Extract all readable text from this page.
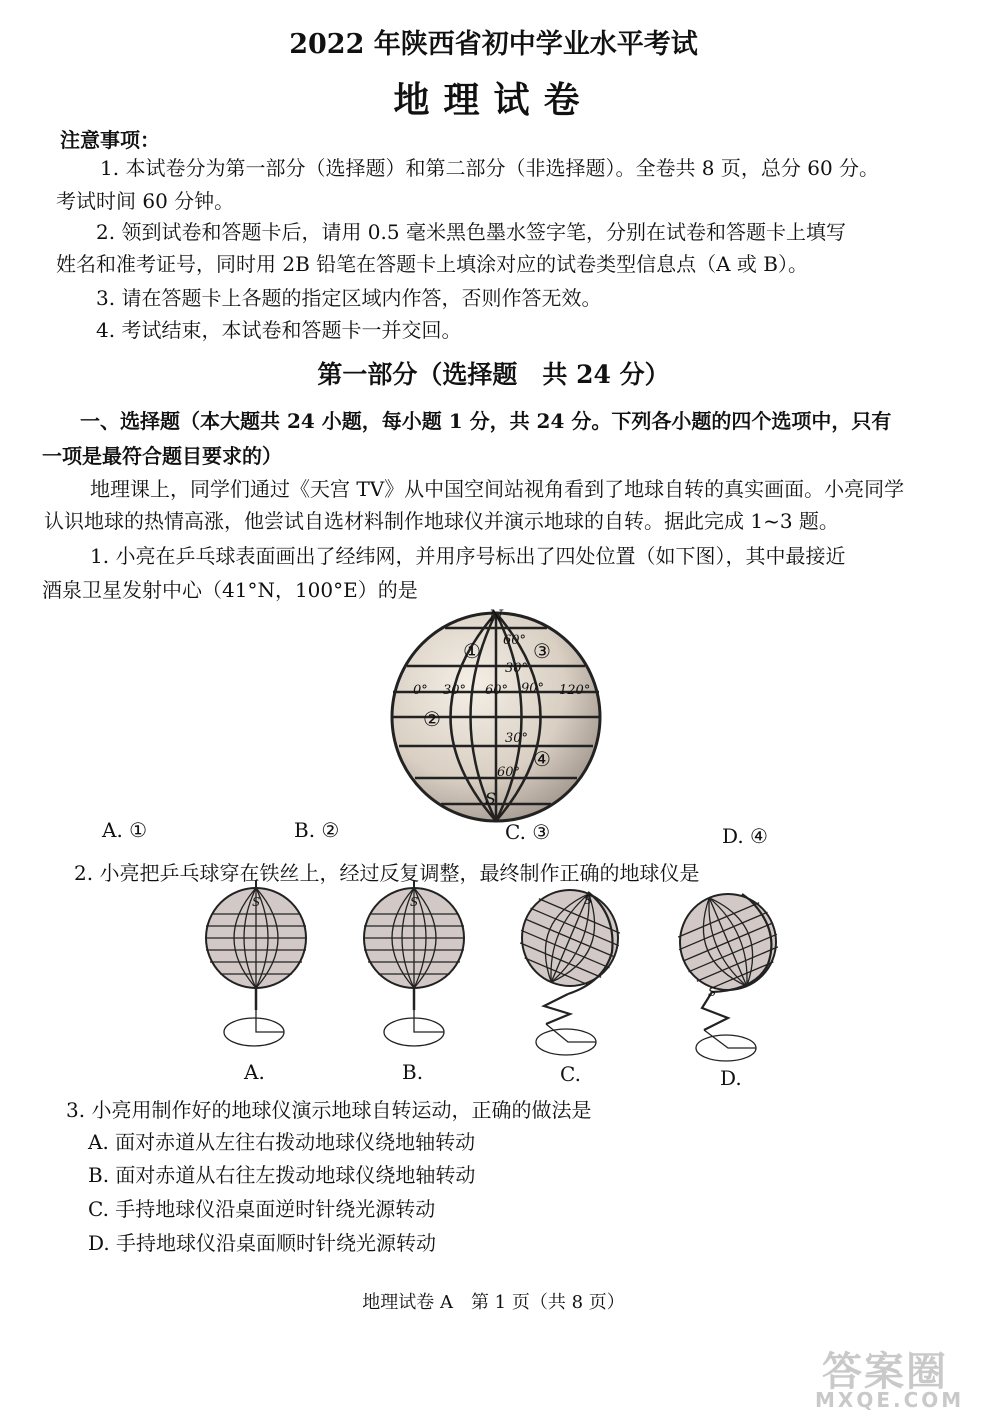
2022 年陕西省初中学业水平考试
地理试卷
注意事项：
1. 本试卷分为第一部分（选择题）和第二部分（非选择题）。全卷共 8 页，总分 60 分。
考试时间 60 分钟。
2. 领到试卷和答题卡后，请用 0.5 毫米黑色墨水签字笔，分别在试卷和答题卡上填写
姓名和准考证号，同时用 2B 铅笔在答题卡上填涂对应的试卷类型信息点（A 或 B）。
3. 请在答题卡上各题的指定区域内作答，否则作答无效。
4. 考试结束，本试卷和答题卡一并交回。
第一部分（选择题　共 24 分）
一、选择题（本大题共 24 小题，每小题 1 分，共 24 分。下列各小题的四个选项中，只有
一项是最符合题目要求的）
地理课上，同学们通过《天宫 TV》从中国空间站视角看到了地球自转的真实画面。小亮同学
认识地球的热情高涨，他尝试自选材料制作地球仪并演示地球的自转。据此完成 1~3 题。
1. 小亮在乒乓球表面画出了经纬网，并用序号标出了四处位置（如下图），其中最接近
酒泉卫星发射中心（41°N，100°E）的是
N
S
60°
30°
0° 30° 60° 90° 120°
30°
60°
①
②
③
④
A. ①	B. ②	C. ③	D. ④
2. 小亮把乒乓球穿在铁丝上，经过反复调整，最终制作正确的地球仪是
S	S	S
S
A.	B.	C.	D.
3. 小亮用制作好的地球仪演示地球自转运动，正确的做法是
A. 面对赤道从左往右拨动地球仪绕地轴转动
B. 面对赤道从右往左拨动地球仪绕地轴转动
C. 手持地球仪沿桌面逆时针绕光源转动
D. 手持地球仪沿桌面顺时针绕光源转动
地理试卷 A　第 1 页（共 8 页）
答案圈
MXQE.COM
